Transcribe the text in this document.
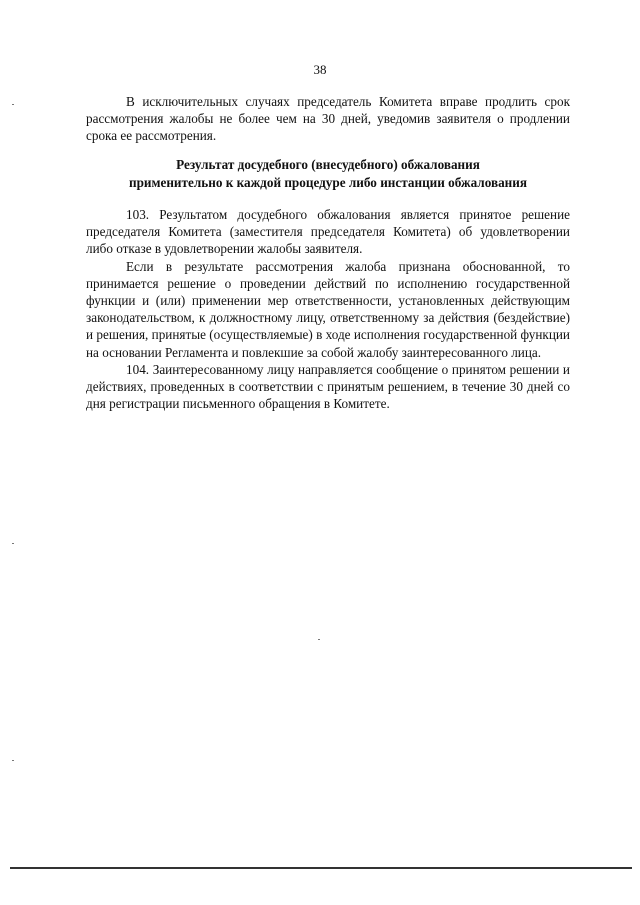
38

В исключительных случаях председатель Комитета вправе продлить срок рассмотрения жалобы не более чем на 30 дней, уведомив заявителя о продлении срока ее рассмотрения.

Результат досудебного (внесудебного) обжалования
применительно к каждой процедуре либо инстанции обжалования

103. Результатом досудебного обжалования является принятое решение председателя Комитета (заместителя председателя Комитета) об удовлетворении либо отказе в удовлетворении жалобы заявителя.

Если в результате рассмотрения жалоба признана обоснованной, то принимается решение о проведении действий по исполнению государственной функции и (или) применении мер ответственности, установленных действующим законодательством, к должностному лицу, ответственному за действия (бездействие) и решения, принятые (осуществляемые) в ходе исполнения государственной функции на основании Регламента и повлекшие за собой жалобу заинтересованного лица.

104. Заинтересованному лицу направляется сообщение о принятом решении и действиях, проведенных в соответствии с принятым решением, в течение 30 дней со дня регистрации письменного обращения в Комитете.
